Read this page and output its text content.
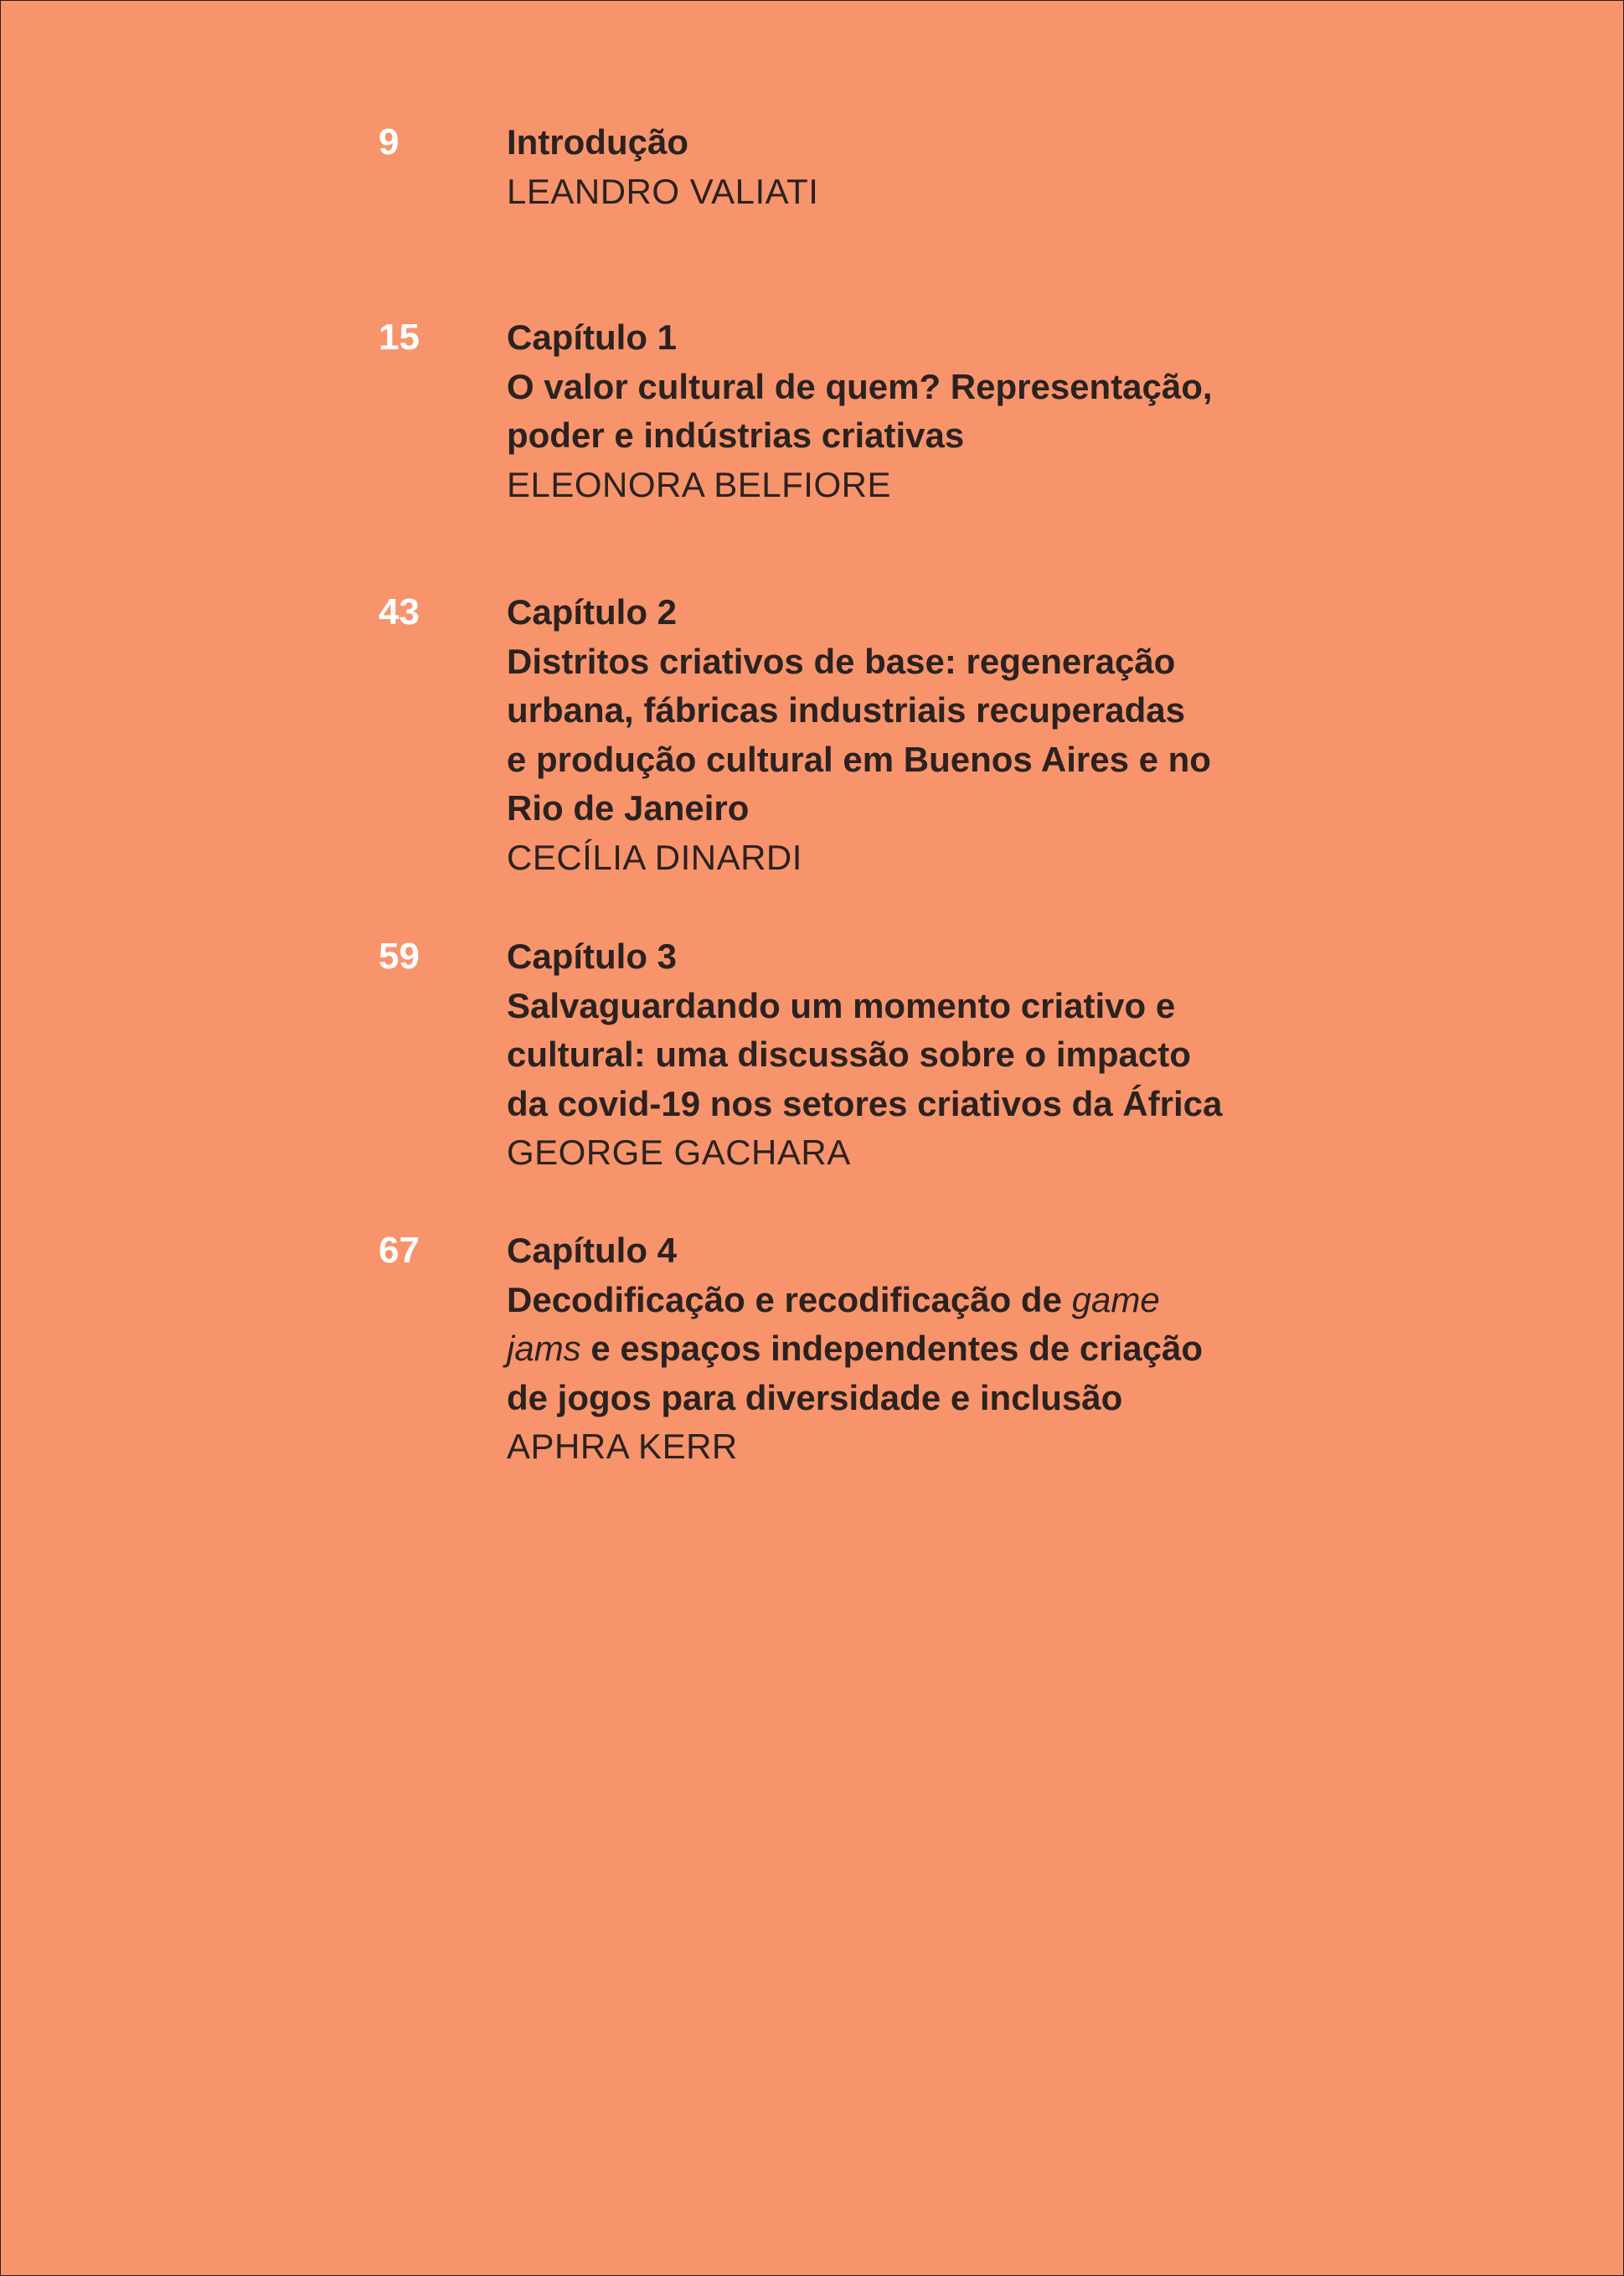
9	Introdução
LEANDRO VALIATI
15 Capítulo 1
O valor cultural de quem? Representação,
poder e indústrias criativas
ELEONORA BELFIORE
43 Capítulo 2
Distritos criativos de base: regeneração
urbana, fábricas industriais recuperadas
e produção cultural em Buenos Aires e no
Rio de Janeiro
CECÍLIA DINARDI
59 Capítulo 3
Salvaguardando um momento criativo e
cultural: uma discussão sobre o impacto
da covid-19 nos setores criativos da África
GEORGE GACHARA
67 Capítulo 4
Decodificação e recodificação de game
jams e espaços independentes de criação
de jogos para diversidade e inclusão
APHRA KERR
